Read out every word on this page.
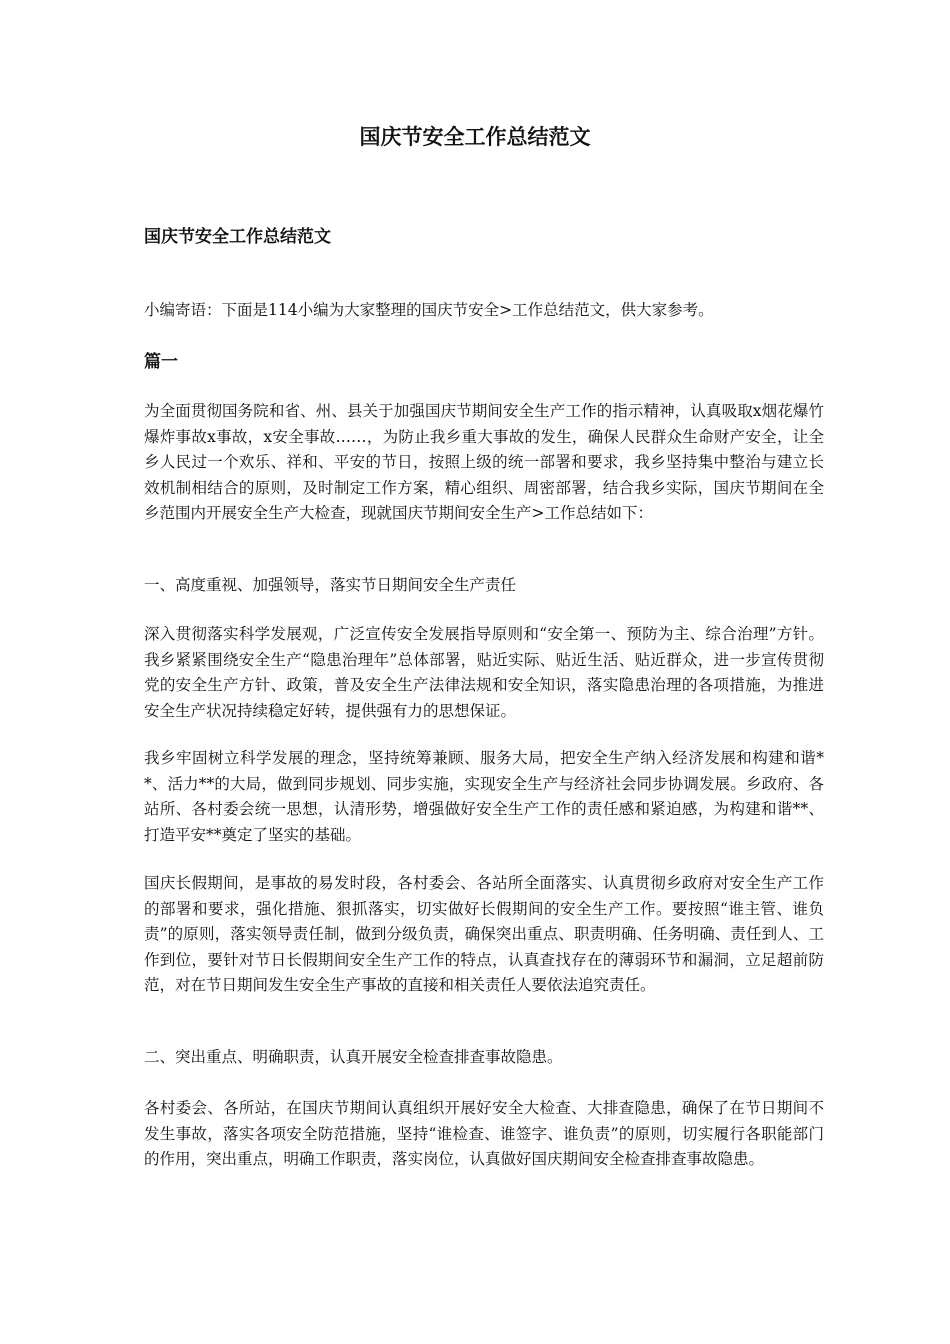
国庆节安全工作总结范文
国庆节安全工作总结范文

小编寄语：下面是114小编为大家整理的国庆节安全>工作总结范文，供大家参考。

篇一

为全面贯彻国务院和省、州、县关于加强国庆节期间安全生产工作的指示精神，认真吸取x烟花爆竹爆炸事故x事故，x安全事故……，为防止我乡重大事故的发生，确保人民群众生命财产安全，让全乡人民过一个欢乐、祥和、平安的节日，按照上级的统一部署和要求，我乡坚持集中整治与建立长效机制相结合的原则，及时制定工作方案，精心组织、周密部署，结合我乡实际，国庆节期间在全乡范围内开展安全生产大检查，现就国庆节期间安全生产>工作总结如下：

一、高度重视、加强领导，落实节日期间安全生产责任

深入贯彻落实科学发展观，广泛宣传安全发展指导原则和“安全第一、预防为主、综合治理”方针。我乡紧紧围绕安全生产“隐患治理年”总体部署，贴近实际、贴近生活、贴近群众，进一步宣传贯彻党的安全生产方针、政策，普及安全生产法律法规和安全知识，落实隐患治理的各项措施，为推进安全生产状况持续稳定好转，提供强有力的思想保证。

我乡牢固树立科学发展的理念，坚持统筹兼顾、服务大局，把安全生产纳入经济发展和构建和谐**、活力**的大局，做到同步规划、同步实施，实现安全生产与经济社会同步协调发展。乡政府、各站所、各村委会统一思想，认清形势，增强做好安全生产工作的责任感和紧迫感，为构建和谐**、打造平安**奠定了坚实的基础。

国庆长假期间，是事故的易发时段，各村委会、各站所全面落实、认真贯彻乡政府对安全生产工作的部署和要求，强化措施、狠抓落实，切实做好长假期间的安全生产工作。要按照“谁主管、谁负责”的原则，落实领导责任制，做到分级负责，确保突出重点、职责明确、任务明确、责任到人、工作到位，要针对节日长假期间安全生产工作的特点，认真查找存在的薄弱环节和漏洞，立足超前防范，对在节日期间发生安全生产事故的直接和相关责任人要依法追究责任。

二、突出重点、明确职责，认真开展安全检查排查事故隐患。

各村委会、各所站，在国庆节期间认真组织开展好安全大检查、大排查隐患，确保了在节日期间不发生事故，落实各项安全防范措施，坚持“谁检查、谁签字、谁负责”的原则，切实履行各职能部门的作用，突出重点，明确工作职责，落实岗位，认真做好国庆期间安全检查排查事故隐患。
